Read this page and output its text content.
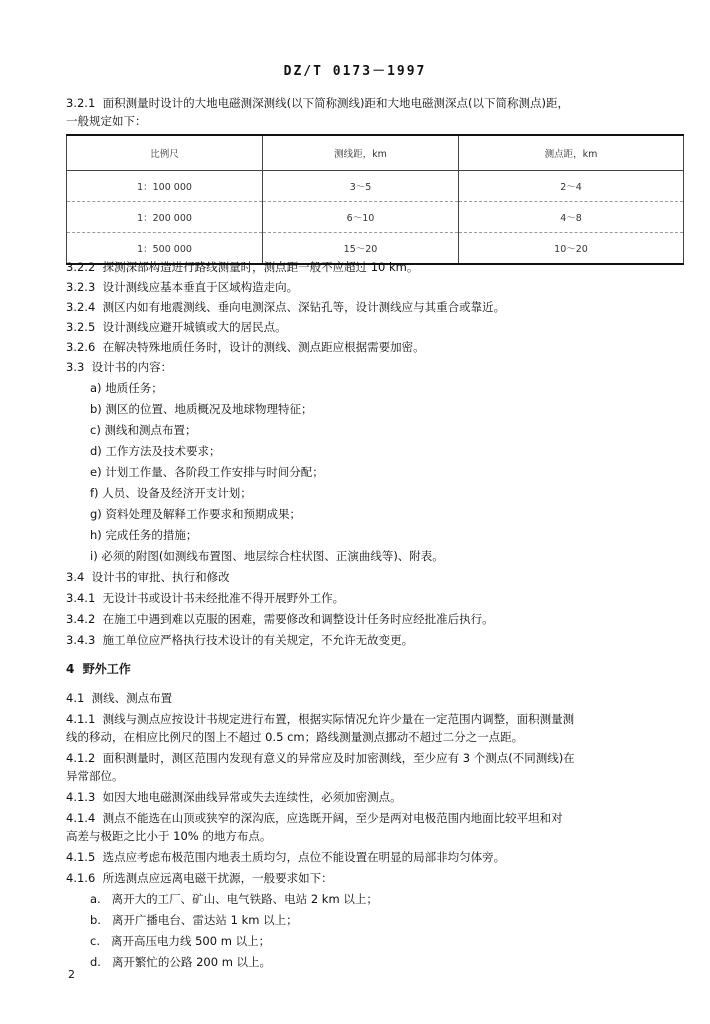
DZ/T 0173－1997
3.2.1 面积测量时设计的大地电磁测深测线(以下简称测线)距和大地电磁测深点(以下简称测点)距，
一般规定如下：
比例尺	测线距，km	测点距，km
1：100 000	3～5	2～4
1：200 000	6～10	4～8
1：500 000	15～20	10～20
3.2.2 探测深部构造进行路线测量时，测点距一般不应超过 10 km。
3.2.3 设计测线应基本垂直于区域构造走向。
3.2.4 测区内如有地震测线、垂向电测深点、深钻孔等，设计测线应与其重合或靠近。
3.2.5 设计测线应避开城镇或大的居民点。
3.2.6 在解决特殊地质任务时，设计的测线、测点距应根据需要加密。
3.3 设计书的内容：
a) 地质任务；
b) 测区的位置、地质概况及地球物理特征；
c) 测线和测点布置；
d) 工作方法及技术要求；
e) 计划工作量、各阶段工作安排与时间分配；
f) 人员、设备及经济开支计划；
g) 资料处理及解释工作要求和预期成果；
h) 完成任务的措施；
i) 必须的附图(如测线布置图、地层综合柱状图、正演曲线等)、附表。
3.4 设计书的审批、执行和修改
3.4.1 无设计书或设计书未经批准不得开展野外工作。
3.4.2 在施工中遇到难以克服的困难，需要修改和调整设计任务时应经批准后执行。
3.4.3 施工单位应严格执行技术设计的有关规定，不允许无故变更。
4 野外工作
4.1 测线、测点布置
4.1.1 测线与测点应按设计书规定进行布置，根据实际情况允许少量在一定范围内调整，面积测量测
线的移动，在相应比例尺的图上不超过 0.5 cm；路线测量测点挪动不超过二分之一点距。
4.1.2 面积测量时，测区范围内发现有意义的异常应及时加密测线，至少应有 3 个测点(不同测线)在
异常部位。
4.1.3 如因大地电磁测深曲线异常或失去连续性，必须加密测点。
4.1.4 测点不能选在山顶或狭窄的深沟底，应选既开阔，至少是两对电极范围内地面比较平坦和对
高差与极距之比小于 10% 的地方布点。
4.1.5 选点应考虑布极范围内地表土质均匀，点位不能设置在明显的局部非均匀体旁。
4.1.6 所选测点应远离电磁干扰源，一般要求如下：
a. 离开大的工厂、矿山、电气铁路、电站 2 km 以上；
b. 离开广播电台、雷达站 1 km 以上；
c. 离开高压电力线 500 m 以上；
d. 离开繁忙的公路 200 m 以上。
2
